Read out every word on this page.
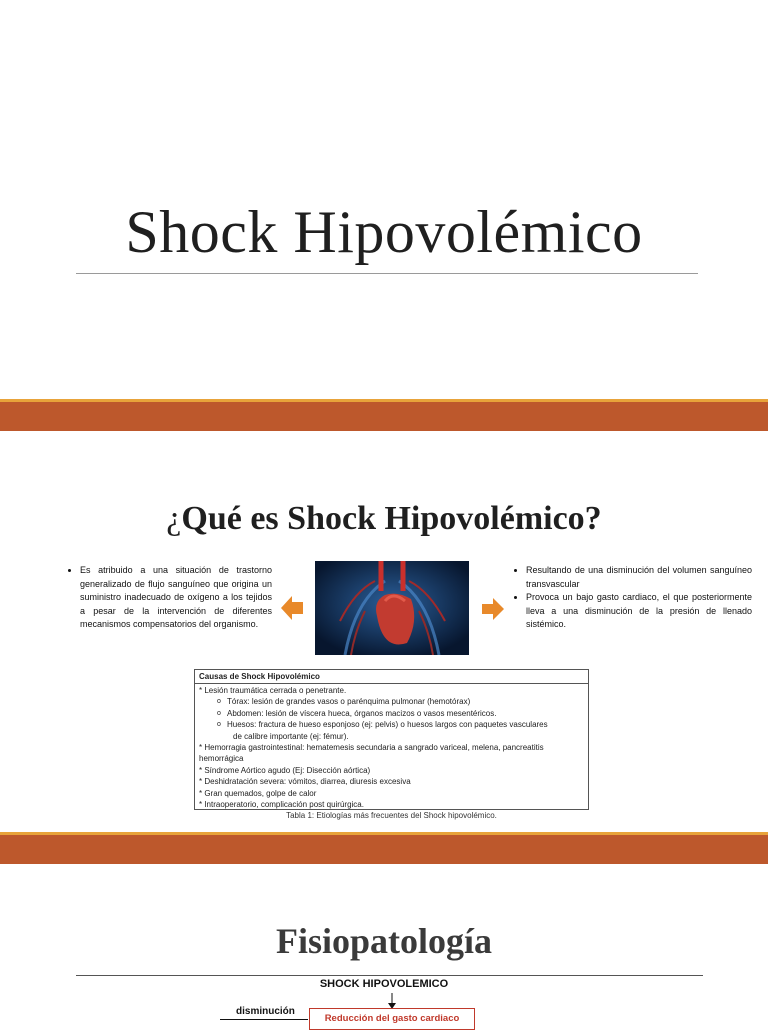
Shock Hipovolémico
¿Qué es Shock Hipovolémico?
• Es atribuido a una situación de trastorno generalizado de flujo sanguíneo que origina un suministro inadecuado de oxígeno a los tejidos a pesar de la intervención de diferentes mecanismos compensatorios del organismo.
• Resultando de una disminución del volumen sanguíneo transvascular
• Provoca un bajo gasto cardiaco, el que posteriormente lleva a una disminución de la presión de llenado sistémico.
Causas de Shock Hipovolémico
* Lesión traumática cerrada o penetrante.
o Tórax: lesión de grandes vasos o parénquima pulmonar (hemotórax)
o Abdomen: lesión de víscera hueca, órganos macizos o vasos mesentéricos.
o Huesos: fractura de hueso esponjoso (ej: pelvis) o huesos largos con paquetes vasculares
de calibre importante (ej: fémur).
* Hemorragia gastrointestinal: hematemesis secundaria a sangrado variceal, melena, pancreatitis
hemorrágica
* Síndrome Aórtico agudo (Ej: Disección aórtica)
* Deshidratación severa: vómitos, diarrea, diuresis excesiva
* Gran quemados, golpe de calor
* Intraoperatorio, complicación post quirúrgica.
Tabla 1: Etiologías más frecuentes del Shock hipovolémico.
Fisiopatología
SHOCK HIPOVOLEMICO
disminución
Reducción del gasto cardiaco
